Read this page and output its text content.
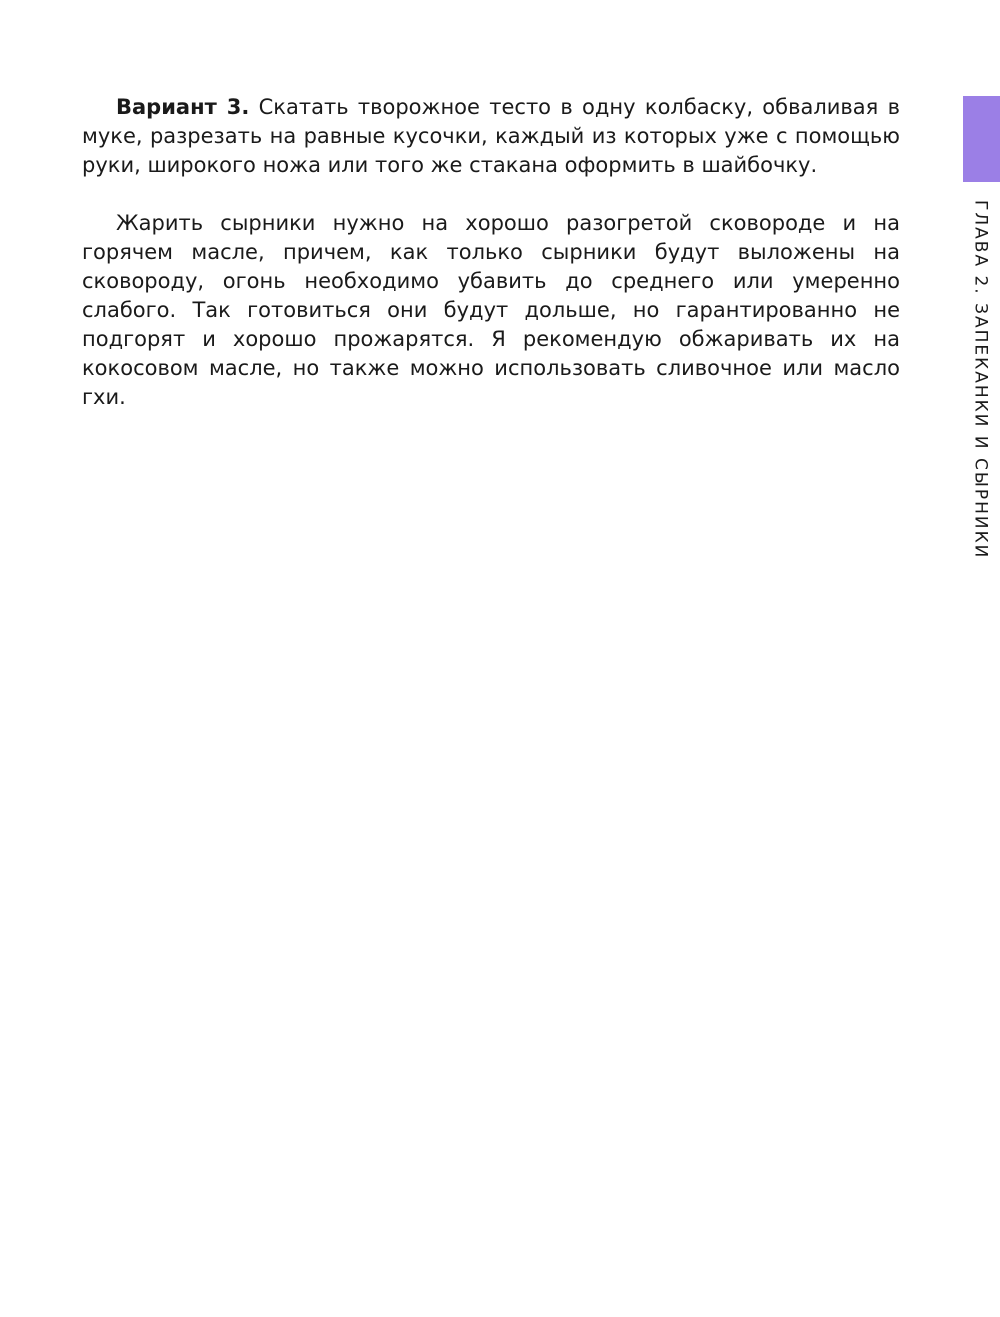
ГЛАВА 2. ЗАПЕКАНКИ И СЫРНИКИ

Вариант 3. Скатать творожное тесто в одну колбаску, обваливая в муке, разрезать на равные кусочки, каждый из которых уже с помощью руки, широкого ножа или того же стакана оформить в шайбочку.

Жарить сырники нужно на хорошо разогретой сковороде и на горячем масле, причем, как только сырники будут выложены на сковороду, огонь необходимо убавить до среднего или умеренно слабого. Так готовиться они будут дольше, но гарантированно не подгорят и хорошо прожарятся. Я рекомендую обжаривать их на кокосовом масле, но также можно использовать сливочное или масло гхи.
